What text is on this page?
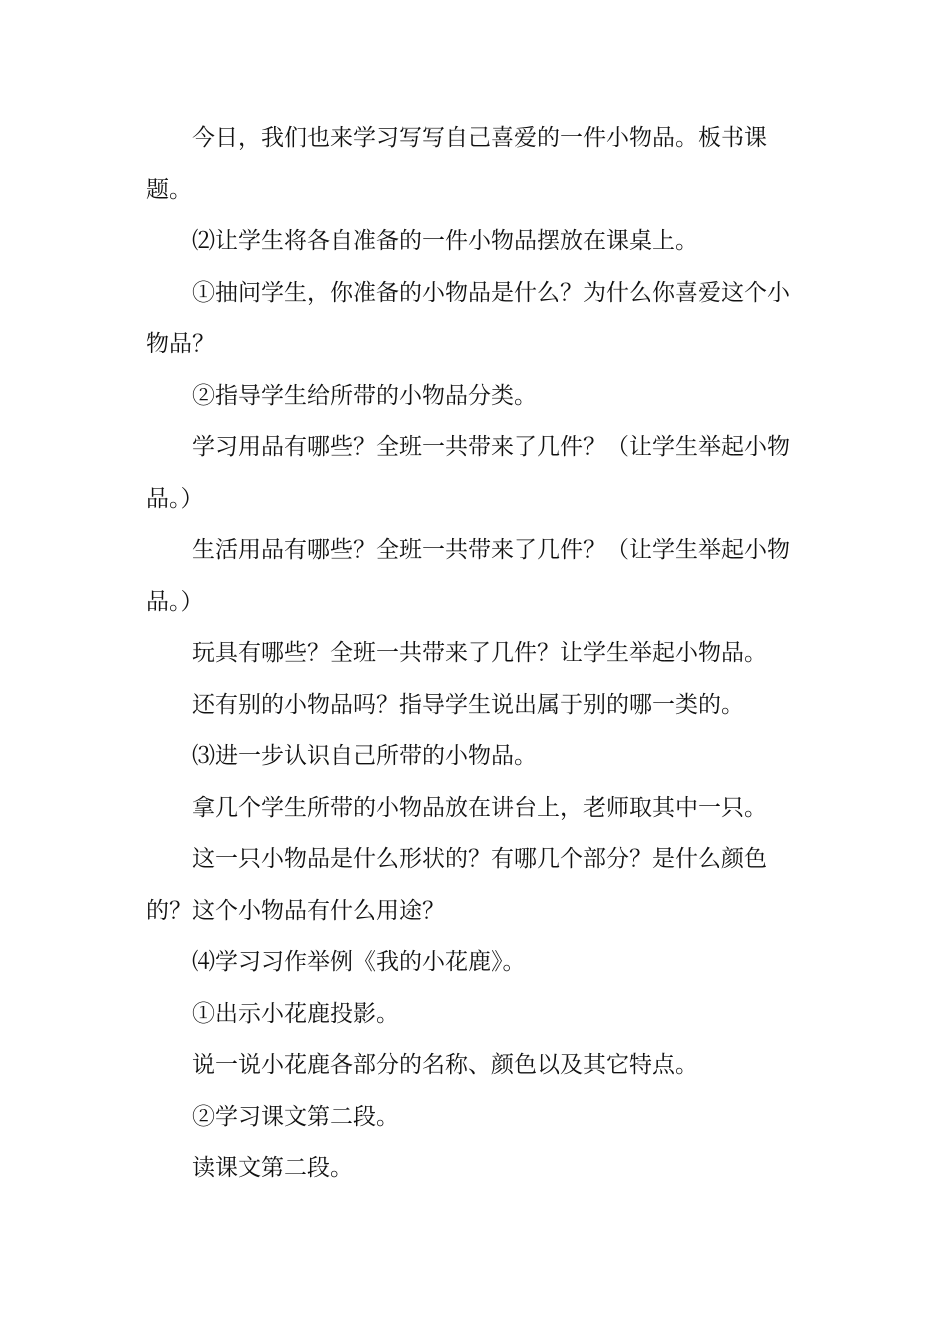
今日，我们也来学习写写自己喜爱的一件小物品。板书课题。

⑵让学生将各自准备的一件小物品摆放在课桌上。

①抽问学生，你准备的小物品是什么？为什么你喜爱这个小物品？

②指导学生给所带的小物品分类。

学习用品有哪些？全班一共带来了几件？（让学生举起小物品。）

生活用品有哪些？全班一共带来了几件？（让学生举起小物品。）

玩具有哪些？全班一共带来了几件？让学生举起小物品。

还有别的小物品吗？指导学生说出属于别的哪一类的。

⑶进一步认识自己所带的小物品。

拿几个学生所带的小物品放在讲台上，老师取其中一只。

这一只小物品是什么形状的？有哪几个部分？是什么颜色的？这个小物品有什么用途？

⑷学习习作举例《我的小花鹿》。

①出示小花鹿投影。

说一说小花鹿各部分的名称、颜色以及其它特点。

②学习课文第二段。

读课文第二段。
